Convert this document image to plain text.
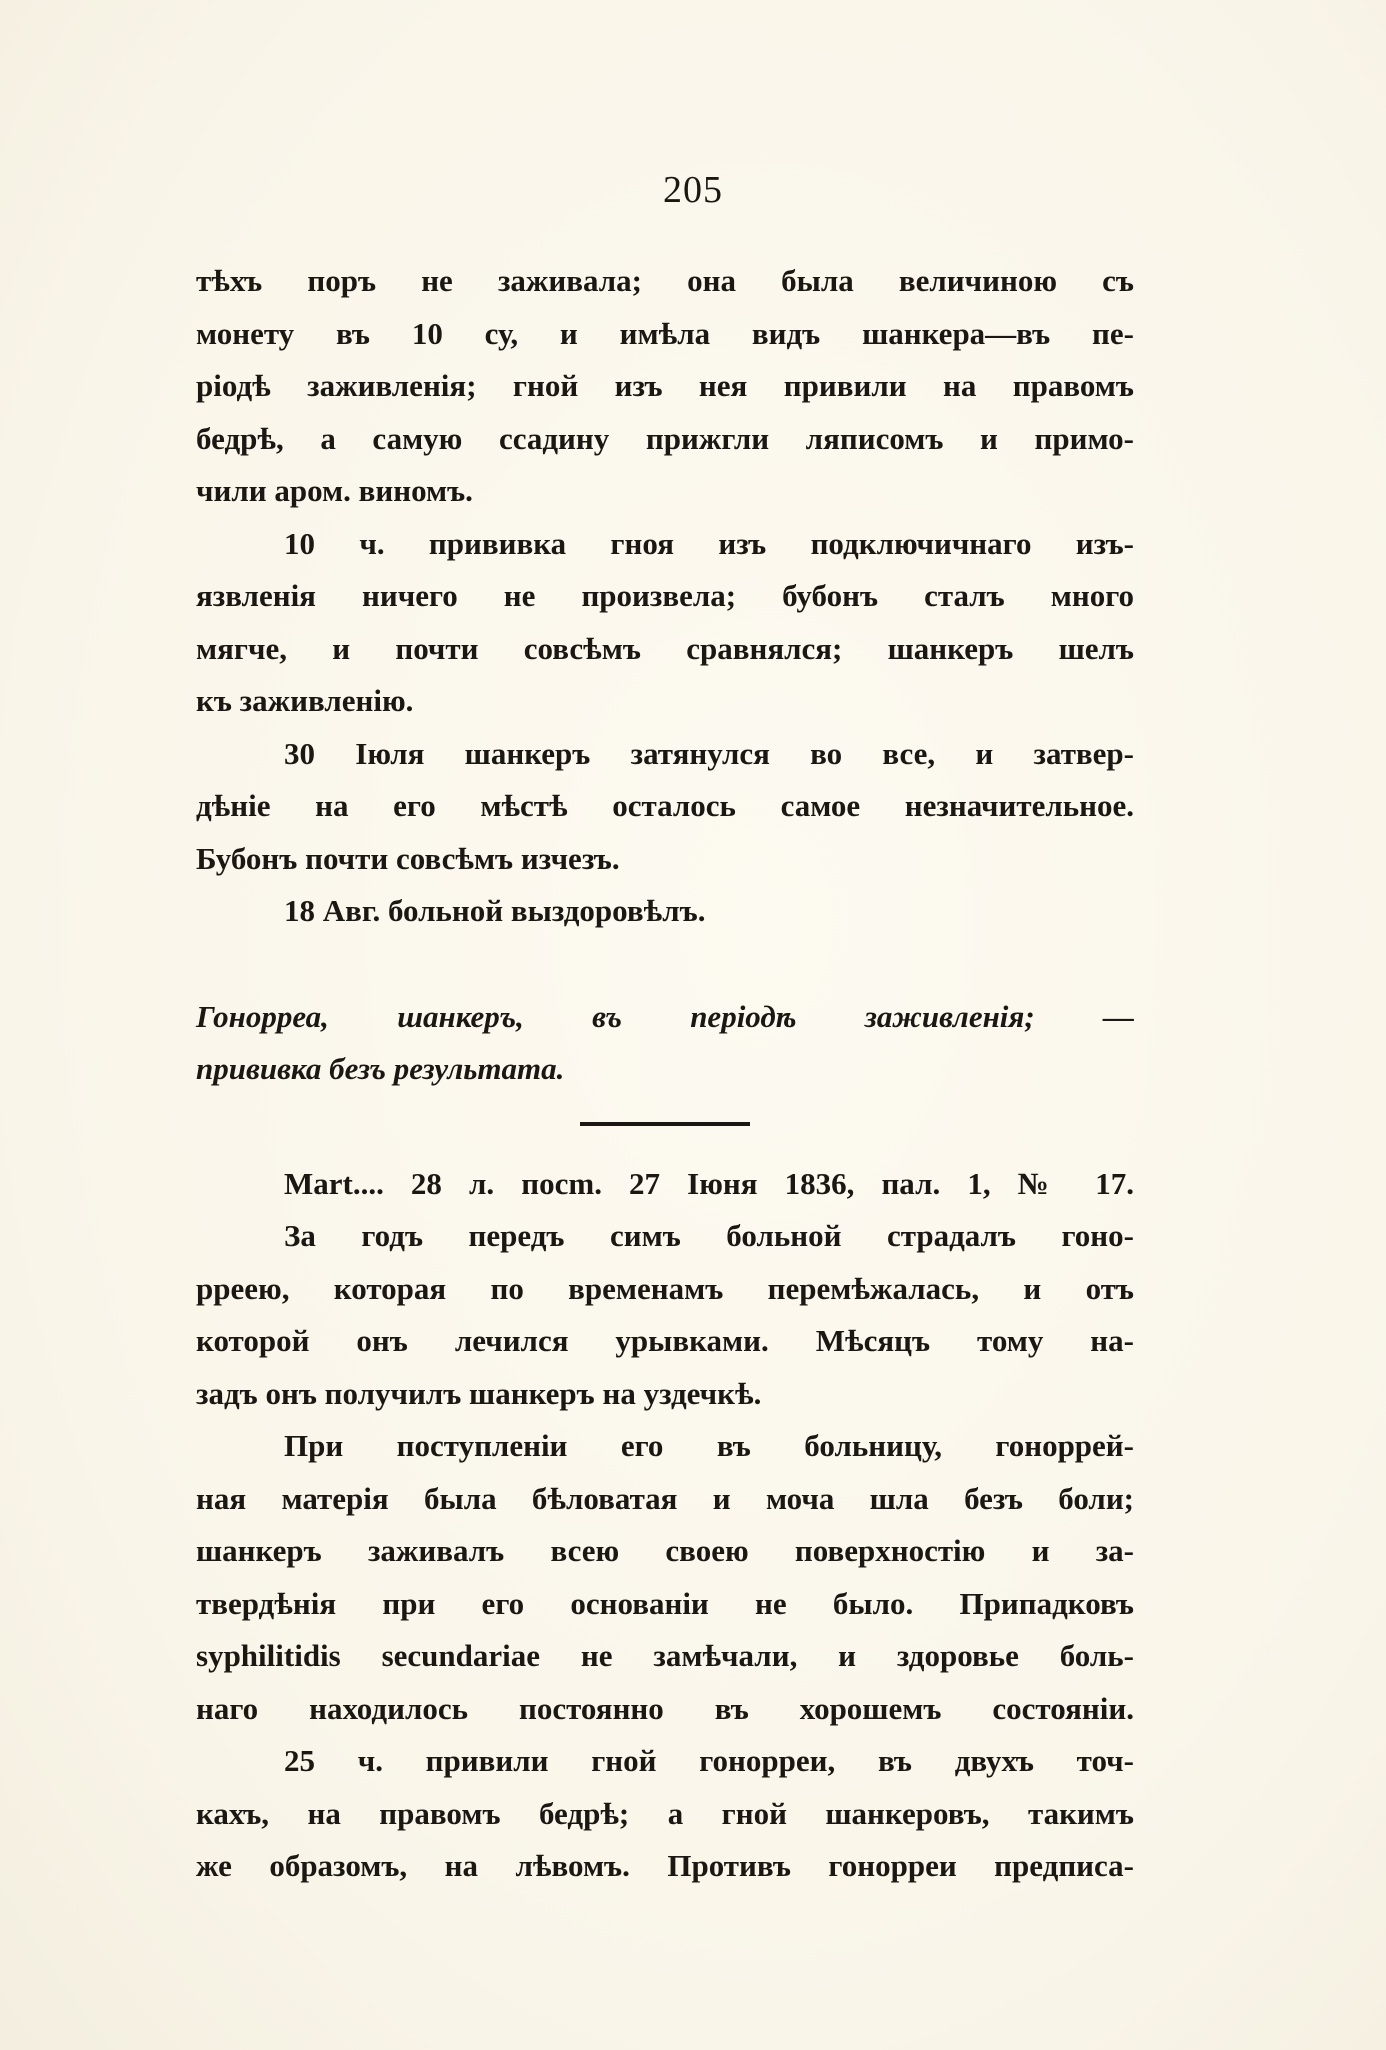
205
тѣхъ поръ не заживала; она была величиною съ
монету въ 10 су, и имѣла видъ шанкера—въ пе-
ріодѣ заживленія; гной изъ нея привили на правомъ
бедрѣ, а самую ссадину прижгли ляписомъ и примо-
чили аром. виномъ.
10 ч. прививка гноя изъ подключичнаго изъ-
язвленія ничего не произвела; бубонъ сталъ много
мягче, и почти совсѣмъ сравнялся; шанкеръ шелъ
къ заживленію.
30 Іюля шанкеръ затянулся во все, и затвер-
дѣніе на его мѣстѣ осталось самое незначительное.
Бубонъ почти совсѣмъ изчезъ.
18 Авг. больной выздоровѣлъ.
Гонорреа, шанкеръ, въ періодѣ заживленія; —
прививка безъ результата.
Mart.... 28 л. поcm. 27 Іюня 1836, пал. 1, № 17.
За годъ передъ симъ больной страдалъ гоно-
рреею, которая по временамъ перемѣжалась, и отъ
которой онъ лечился урывками. Мѣсяцъ тому на-
задъ онъ получилъ шанкеръ на уздечкѣ.
При поступленіи его въ больницу, гоноррей-
ная матерія была бѣловатая и моча шла безъ боли;
шанкеръ заживалъ всею своею поверхностію и за-
твердѣнія при его основаніи не было. Припадковъ
syphilitidis secundariae не замѣчали, и здоровье боль-
наго находилось постоянно въ хорошемъ состояніи.
25 ч. привили гной гонорреи, въ двухъ точ-
кахъ, на правомъ бедрѣ; а гной шанкеровъ, такимъ
же образомъ, на лѣвомъ. Противъ гонорреи предписа-
